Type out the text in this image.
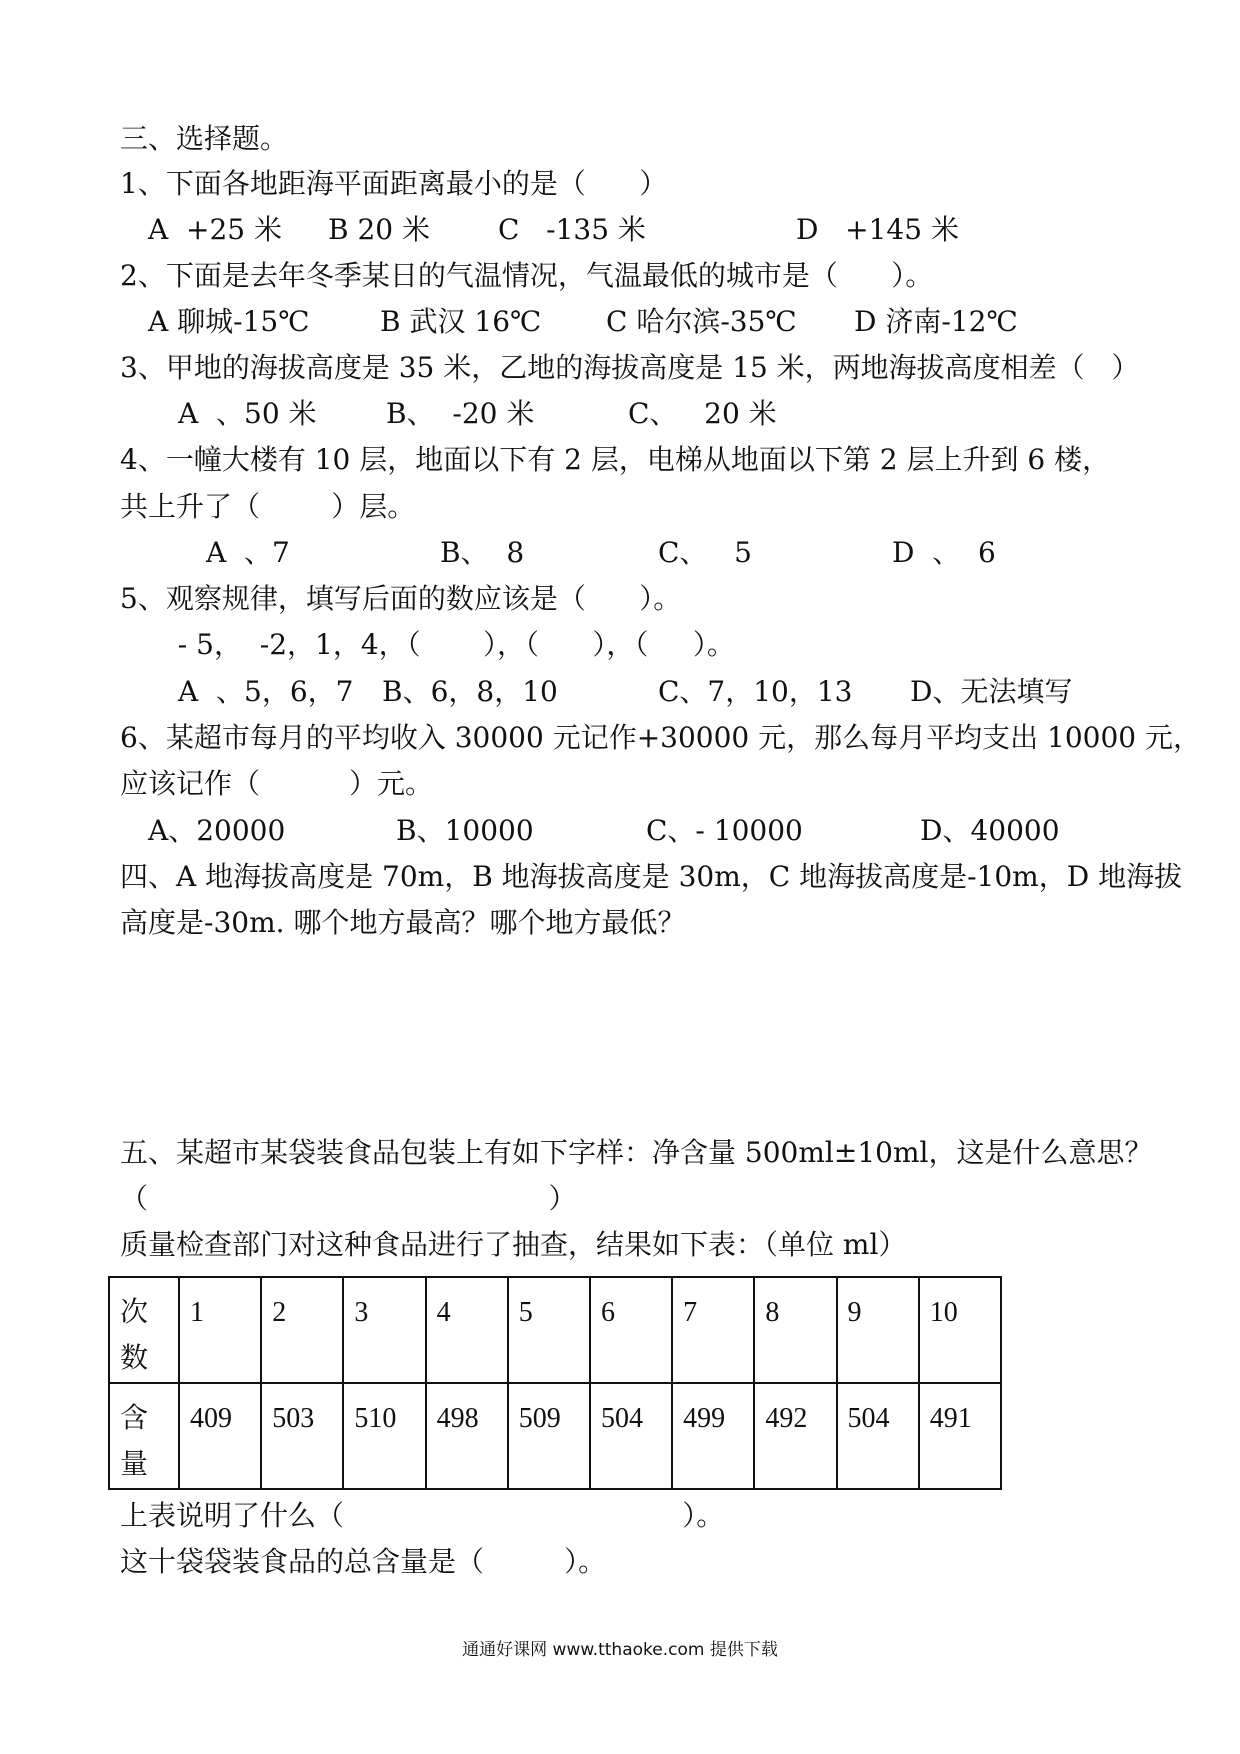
三、选择题。
1、下面各地距海平面距离最小的是（      ）
A  +25 米 B 20 米 C   -135 米	D   +145 米
2、下面是去年冬季某日的气温情况，气温最低的城市是（      ）。
A 聊城-15℃	B 武汉 16℃ C 哈尔滨-35℃ D 济南-12℃
3、甲地的海拔高度是 35 米，乙地的海拔高度是 15 米，两地海拔高度相差（   ）
A  、50 米 B、  -20 米	C、   20 米
4、一幢大楼有 10 层，地面以下有 2 层，电梯从地面以下第 2 层上升到 6 楼，
共上升了（        ）层。
A  、7	B、  8	C、   5	D  、  6
5、观察规律，填写后面的数应该是（      ）。
- 5，  -2，1，4，（       ），（      ），（     ）。
A  、5，6，7 B、6，8，10	C、7，10，13 D、无法填写
6、某超市每月的平均收入 30000 元记作+30000 元，那么每月平均支出 10000 元，
应该记作（          ）元。
A、20000	B、10000	C、- 10000	D、40000
四、A 地海拔高度是 70m，B 地海拔高度是 30m，C 地海拔高度是-10m，D 地海拔
高度是-30m. 哪个地方最高？哪个地方最低？
五、某超市某袋装食品包装上有如下字样：净含量 500ml±10ml，这是什么意思？
（                                             ）
质量检查部门对这种食品进行了抽查，结果如下表：（单位 ml）
次数	1	2	3	4	5	6	7	8	9	10
含量	409	503	510	498	509	504	499	492	504	491
上表说明了什么（                                      ）。
这十袋袋装食品的总含量是（         ）。
通通好课网 www.tthaoke.com 提供下载
